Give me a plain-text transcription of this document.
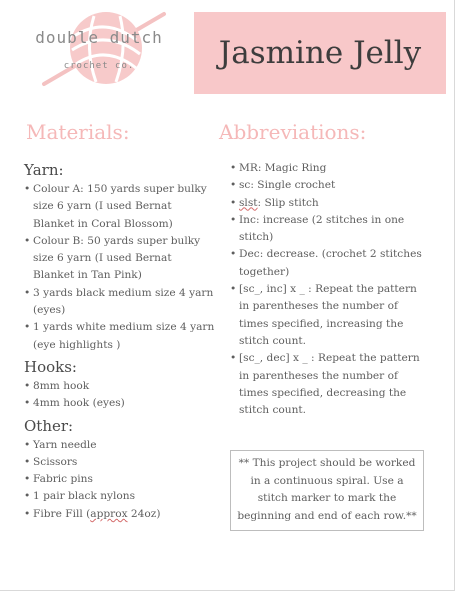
double dutch
crochet co.	Jasmine Jelly
Materials:	Abbreviations:
Yarn:
• Colour A: 150 yards super bulky size 6 yarn (I used Bernat Blanket in Coral Blossom)
• Colour B: 50 yards super bulky size 6 yarn (I used Bernat Blanket in Tan Pink)
• 3 yards black medium size 4 yarn (eyes)
• 1 yards white medium size 4 yarn (eye highlights )
Hooks:
• 8mm hook
• 4mm hook (eyes)
Other:
• Yarn needle
• Scissors
• Fabric pins
• 1 pair black nylons
• Fibre Fill (approx 24oz)
• MR: Magic Ring
• sc: Single crochet
• slst: Slip stitch
• Inc: increase (2 stitches in one stitch)
• Dec: decrease. (crochet 2 stitches together)
• [sc_, inc] x _ : Repeat the pattern in parentheses the number of times specified, increasing the stitch count.
• [sc_, dec] x _ : Repeat the pattern in parentheses the number of times specified, decreasing the stitch count.
** This project should be worked in a continuous spiral. Use a stitch marker to mark the beginning and end of each row.**
